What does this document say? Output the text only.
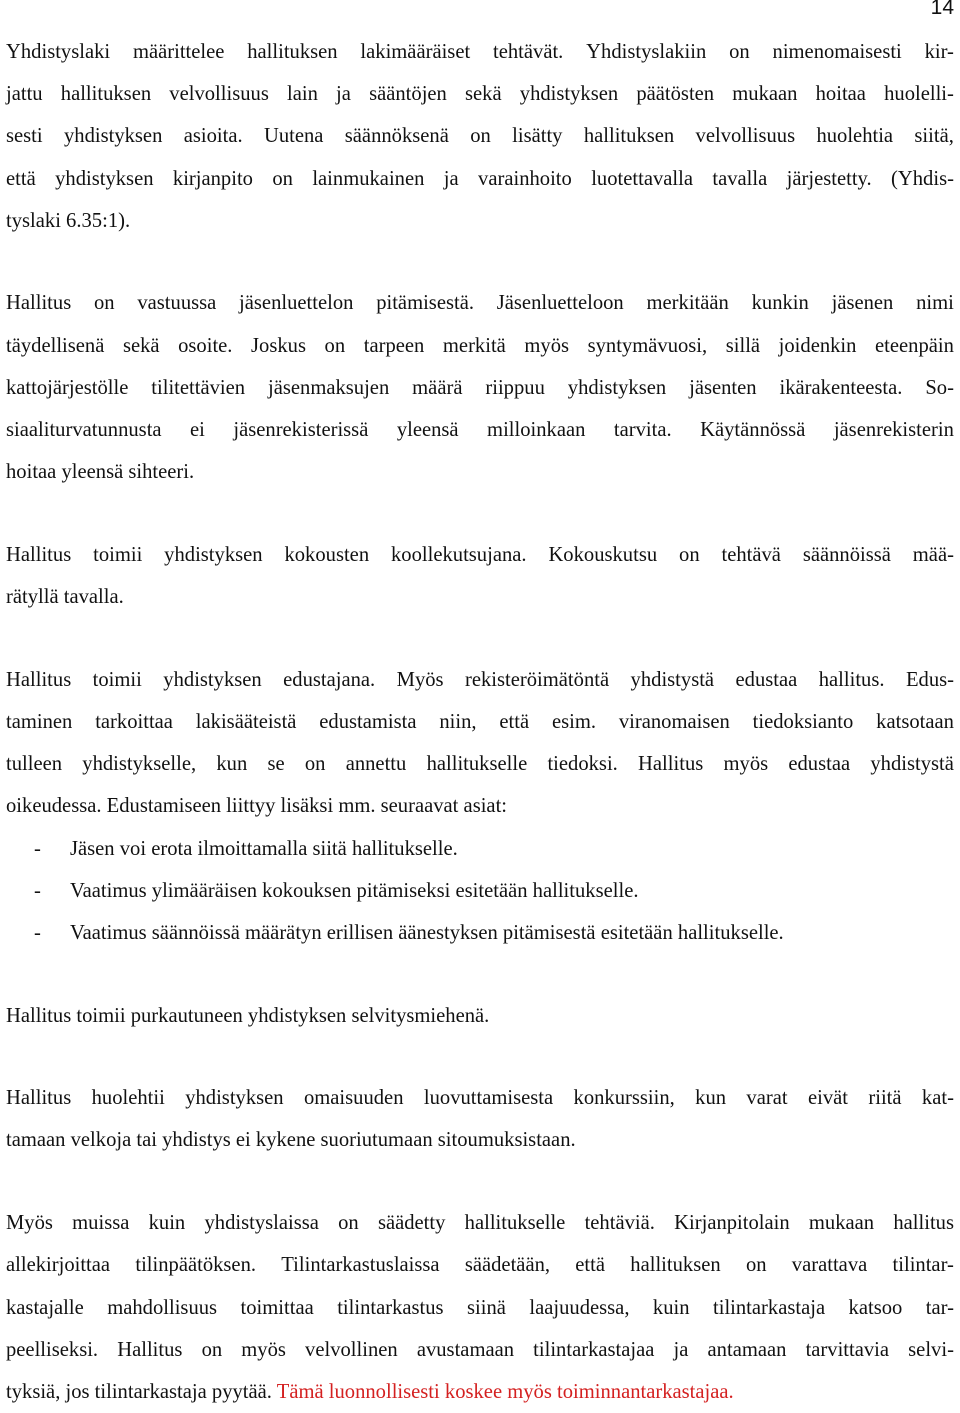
14
Yhdistyslaki määrittelee hallituksen lakimääräiset tehtävät. Yhdistyslakiin on nimenomaisesti kir-
jattu hallituksen velvollisuus lain ja sääntöjen sekä yhdistyksen päätösten mukaan hoitaa huolelli-
sesti yhdistyksen asioita. Uutena säännöksenä on lisätty hallituksen velvollisuus huolehtia siitä,
että yhdistyksen kirjanpito on lainmukainen ja varainhoito luotettavalla tavalla järjestetty. (Yhdis-
tyslaki 6.35:1).
Hallitus on vastuussa jäsenluettelon pitämisestä. Jäsenluetteloon merkitään kunkin jäsenen nimi
täydellisenä sekä osoite. Joskus on tarpeen merkitä myös syntymävuosi, sillä joidenkin eteenpäin
kattojärjestölle tilitettävien jäsenmaksujen määrä riippuu yhdistyksen jäsenten ikärakenteesta. So-
siaaliturvatunnusta ei jäsenrekisterissä yleensä milloinkaan tarvita. Käytännössä jäsenrekisterin
hoitaa yleensä sihteeri.
Hallitus toimii yhdistyksen kokousten koollekutsujana. Kokouskutsu on tehtävä säännöissä mää-
rätyllä tavalla.
Hallitus toimii yhdistyksen edustajana. Myös rekisteröimätöntä yhdistystä edustaa hallitus. Edus-
taminen tarkoittaa lakisääteistä edustamista niin, että esim. viranomaisen tiedoksianto katsotaan
tulleen yhdistykselle, kun se on annettu hallitukselle tiedoksi. Hallitus myös edustaa yhdistystä
oikeudessa. Edustamiseen liittyy lisäksi mm. seuraavat asiat:
-	Jäsen voi erota ilmoittamalla siitä hallitukselle.
-	Vaatimus ylimääräisen kokouksen pitämiseksi esitetään hallitukselle.
-	Vaatimus säännöissä määrätyn erillisen äänestyksen pitämisestä esitetään hallitukselle.
Hallitus toimii purkautuneen yhdistyksen selvitysmiehenä.
Hallitus huolehtii yhdistyksen omaisuuden luovuttamisesta konkurssiin, kun varat eivät riitä kat-
tamaan velkoja tai yhdistys ei kykene suoriutumaan sitoumuksistaan.
Myös muissa kuin yhdistyslaissa on säädetty hallitukselle tehtäviä. Kirjanpitolain mukaan hallitus
allekirjoittaa tilinpäätöksen. Tilintarkastuslaissa säädetään, että hallituksen on varattava tilintar-
kastajalle mahdollisuus toimittaa tilintarkastus siinä laajuudessa, kuin tilintarkastaja katsoo tar-
peelliseksi. Hallitus on myös velvollinen avustamaan tilintarkastajaa ja antamaan tarvittavia selvi-
tyksiä, jos tilintarkastaja pyytää. Tämä luonnollisesti koskee myös toiminnantarkastajaa.
